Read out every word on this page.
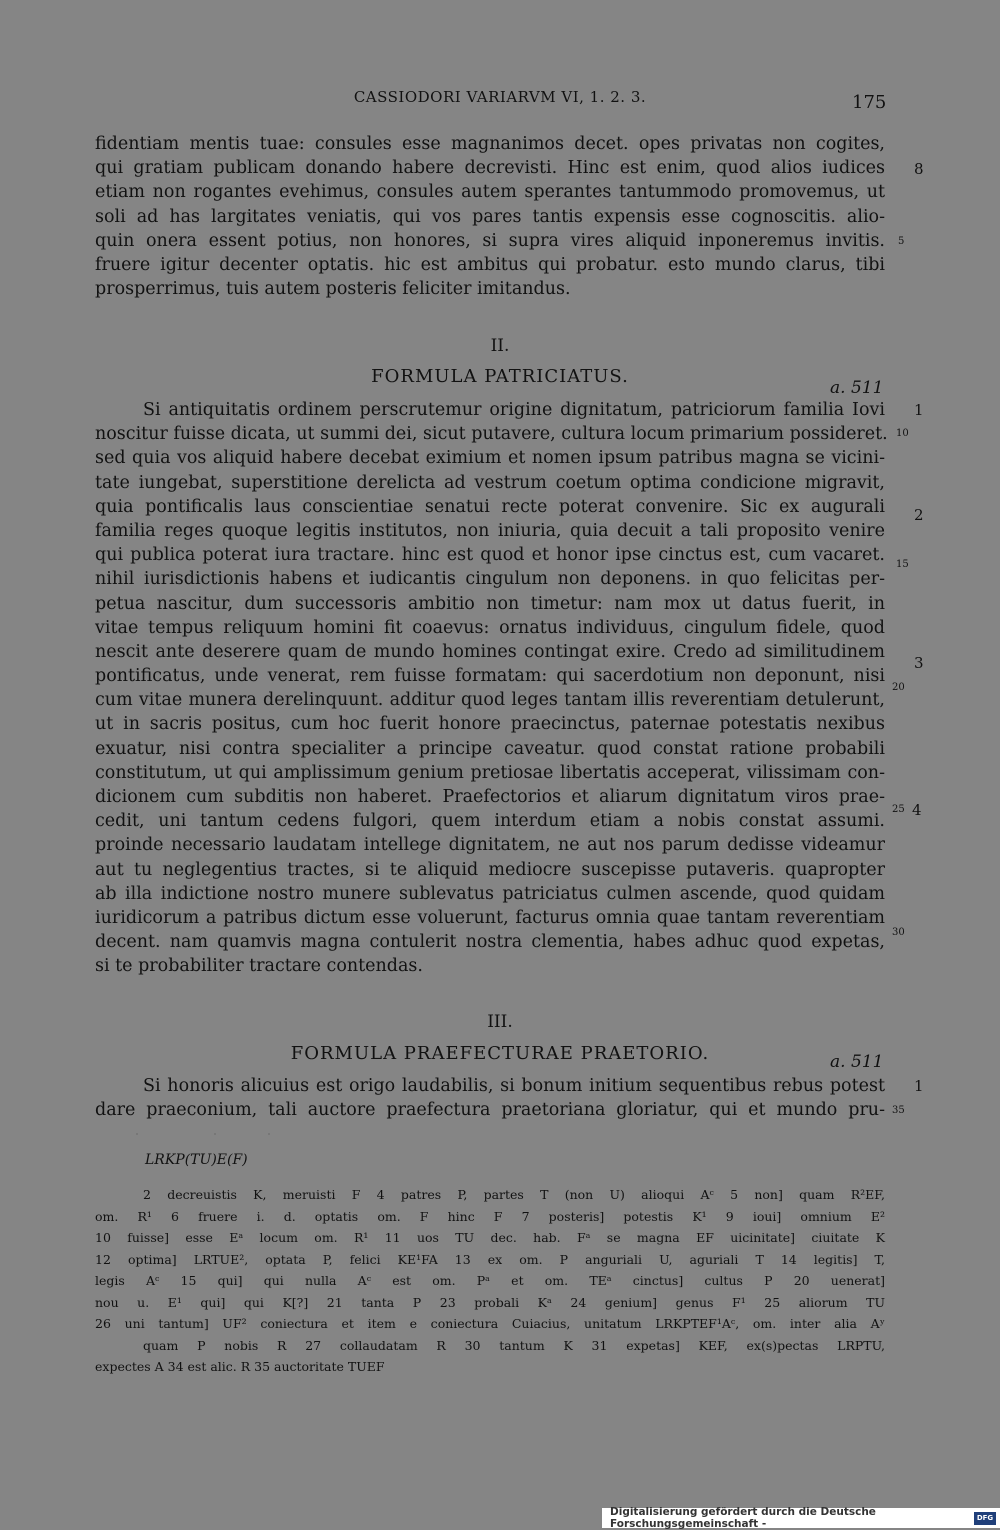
CASSIODORI VARIARVM VI, 1. 2. 3.	175
fidentiam mentis tuae: consules esse magnanimos decet. opes privatas non cogites,
qui gratiam publicam donando habere decrevisti. Hinc est enim, quod alios iudices
etiam non rogantes evehimus, consules autem sperantes tantummodo promovemus, ut
soli ad has largitates veniatis, qui vos pares tantis expensis esse cognoscitis. alio-
quin onera essent potius, non honores, si supra vires aliquid inponeremus invitis.
fruere igitur decenter optatis. hic est ambitus qui probatur. esto mundo clarus, tibi
prosperrimus, tuis autem posteris feliciter imitandus.
8
5
II.
FORMULA PATRICIATUS.
a. 511
Si antiquitatis ordinem perscrutemur origine dignitatum, patriciorum familia Iovi
noscitur fuisse dicata, ut summi dei, sicut putavere, cultura locum primarium possideret.
sed quia vos aliquid habere decebat eximium et nomen ipsum patribus magna se vicini-
tate iungebat, superstitione derelicta ad vestrum coetum optima condicione migravit,
quia pontificalis laus conscientiae senatui recte poterat convenire. Sic ex augurali
familia reges quoque legitis institutos, non iniuria, quia decuit a tali proposito venire
qui publica poterat iura tractare. hinc est quod et honor ipse cinctus est, cum vacaret.
nihil iurisdictionis habens et iudicantis cingulum non deponens. in quo felicitas per-
petua nascitur, dum successoris ambitio non timetur: nam mox ut datus fuerit, in
vitae tempus reliquum homini fit coaevus: ornatus individuus, cingulum fidele, quod
nescit ante deserere quam de mundo homines contingat exire. Credo ad similitudinem
pontificatus, unde venerat, rem fuisse formatam: qui sacerdotium non deponunt, nisi
cum vitae munera derelinquunt. additur quod leges tantam illis reverentiam detulerunt,
ut in sacris positus, cum hoc fuerit honore praecinctus, paternae potestatis nexibus
exuatur, nisi contra specialiter a principe caveatur. quod constat ratione probabili
constitutum, ut qui amplissimum genium pretiosae libertatis acceperat, vilissimam con-
dicionem cum subditis non haberet. Praefectorios et aliarum dignitatum viros prae-
cedit, uni tantum cedens fulgori, quem interdum etiam a nobis constat assumi.
proinde necessario laudatam intellege dignitatem, ne aut nos parum dedisse videamur
aut tu neglegentius tractes, si te aliquid mediocre suscepisse putaveris. quapropter
ab illa indictione nostro munere sublevatus patriciatus culmen ascende, quod quidam
iuridicorum a patribus dictum esse voluerunt, facturus omnia quae tantam reverentiam
decent. nam quamvis magna contulerit nostra clementia, habes adhuc quod expetas,
si te probabiliter tractare contendas.
1
10
2
15
3
20
25 4
30
III.
FORMULA PRAEFECTURAE PRAETORIO.	a. 511
Si honoris alicuius est origo laudabilis, si bonum initium sequentibus rebus potest
dare praeconium, tali auctore praefectura praetoriana gloriatur, qui et mundo pru-
1
35
LRKP(TU)E(F)
2 decreuistis K, meruisti F 4 patres P, partes T (non U) alioqui Aᶜ 5 non] quam R²EF,
om. R¹ 6 fruere i. d. optatis om. F hinc F 7 posteris] potestis K¹ 9 ioui] omnium E²
10 fuisse] esse Eᵃ locum om. R¹ 11 uos TU dec. hab. Fᵃ se magna EF uicinitate] ciuitate K
12 optima] LRTUE², optata P, felici KE¹FA 13 ex om. P anguriali U, aguriali T 14 legitis] T,
legis Aᶜ 15 qui] qui nulla Aᶜ est om. Pᵃ et om. TEᵃ cinctus] cultus P 20 uenerat]
nou u. E¹ qui] qui K[?] 21 tanta P 23 probali Kᵃ 24 genium] genus F¹ 25 aliorum TU
26 uni tantum] UF² coniectura et item e coniectura Cuiacius, unitatum LRKPTEF¹Aᶜ, om. inter alia Aʸ
quam P nobis R 27 collaudatam R 30 tantum K 31 expetas] KEF, ex(s)pectas LRPTU,
expectes A 34 est alic. R 35 auctoritate TUEF
Digitalisierung gefördert durch die Deutsche Forschungsgemeinschaft -	DFG
